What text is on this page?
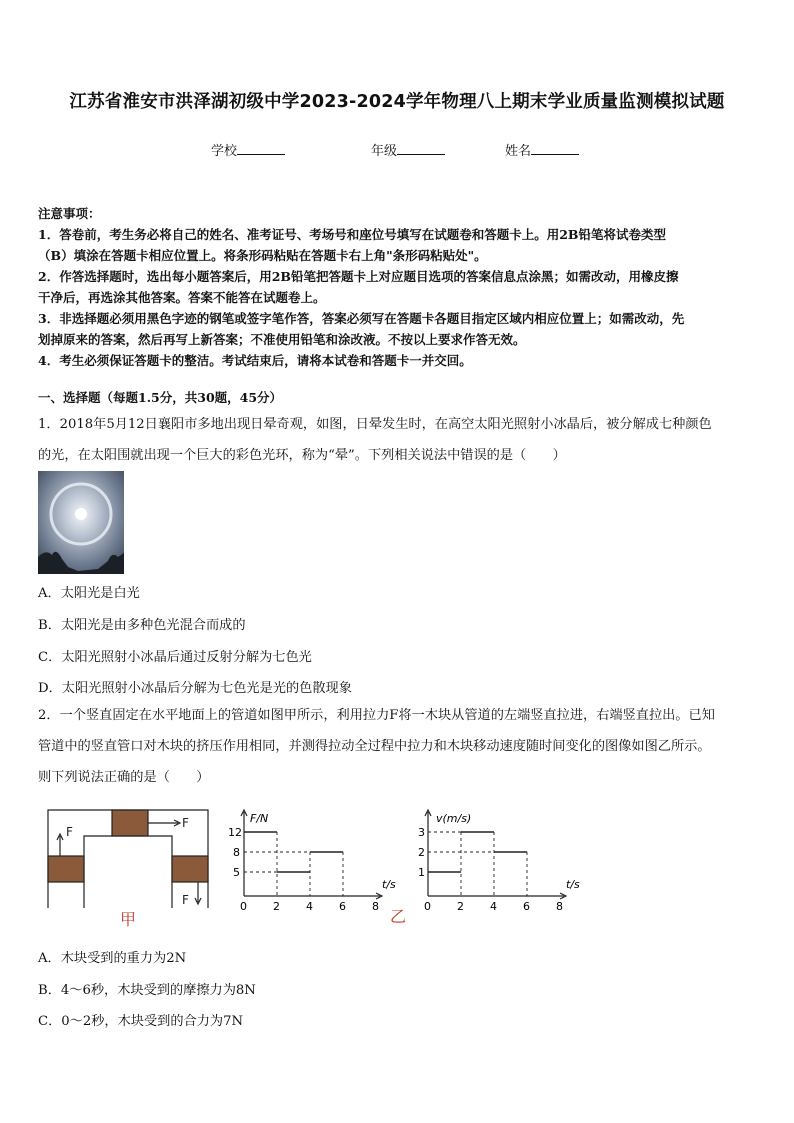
江苏省淮安市洪泽湖初级中学2023-2024学年物理八上期末学业质量监测模拟试题
学校	年级	姓名
注意事项：
1．答卷前，考生务必将自己的姓名、准考证号、考场号和座位号填写在试题卷和答题卡上。用2B铅笔将试卷类型
（B）填涂在答题卡相应位置上。将条形码粘贴在答题卡右上角"条形码粘贴处"。
2．作答选择题时，选出每小题答案后，用2B铅笔把答题卡上对应题目选项的答案信息点涂黑；如需改动，用橡皮擦
干净后，再选涂其他答案。答案不能答在试题卷上。
3．非选择题必须用黑色字迹的钢笔或签字笔作答，答案必须写在答题卡各题目指定区域内相应位置上；如需改动，先
划掉原来的答案，然后再写上新答案；不准使用铅笔和涂改液。不按以上要求作答无效。
4．考生必须保证答题卡的整洁。考试结束后，请将本试卷和答题卡一并交回。
一、选择题（每题1.5分，共30题，45分）
1．2018年5月12日襄阳市多地出现日晕奇观，如图，日晕发生时，在高空太阳光照射小冰晶后，被分解成七种颜色
的光，在太阳围就出现一个巨大的彩色光环，称为“晕”。下列相关说法中错误的是（　　）
A．太阳光是白光
B．太阳光是由多种色光混合而成的
C．太阳光照射小冰晶后通过反射分解为七色光
D．太阳光照射小冰晶后分解为七色光是光的色散现象
2．一个竖直固定在水平地面上的管道如图甲所示，利用拉力F将一木块从管道的左端竖直拉进，右端竖直拉出。已知
管道中的竖直管口对木块的挤压作用相同，并测得拉动全过程中拉力和木块移动速度随时间变化的图像如图乙所示。
则下列说法正确的是（　　）
F
F
F
甲
F/N
t/s
12
8
5
0 2 4 6 8
v(m/s)
t/s
3
2
1
0 2 4 6 8
乙
A．木块受到的重力为2N
B．4～6秒，木块受到的摩擦力为8N
C．0～2秒，木块受到的合力为7N
